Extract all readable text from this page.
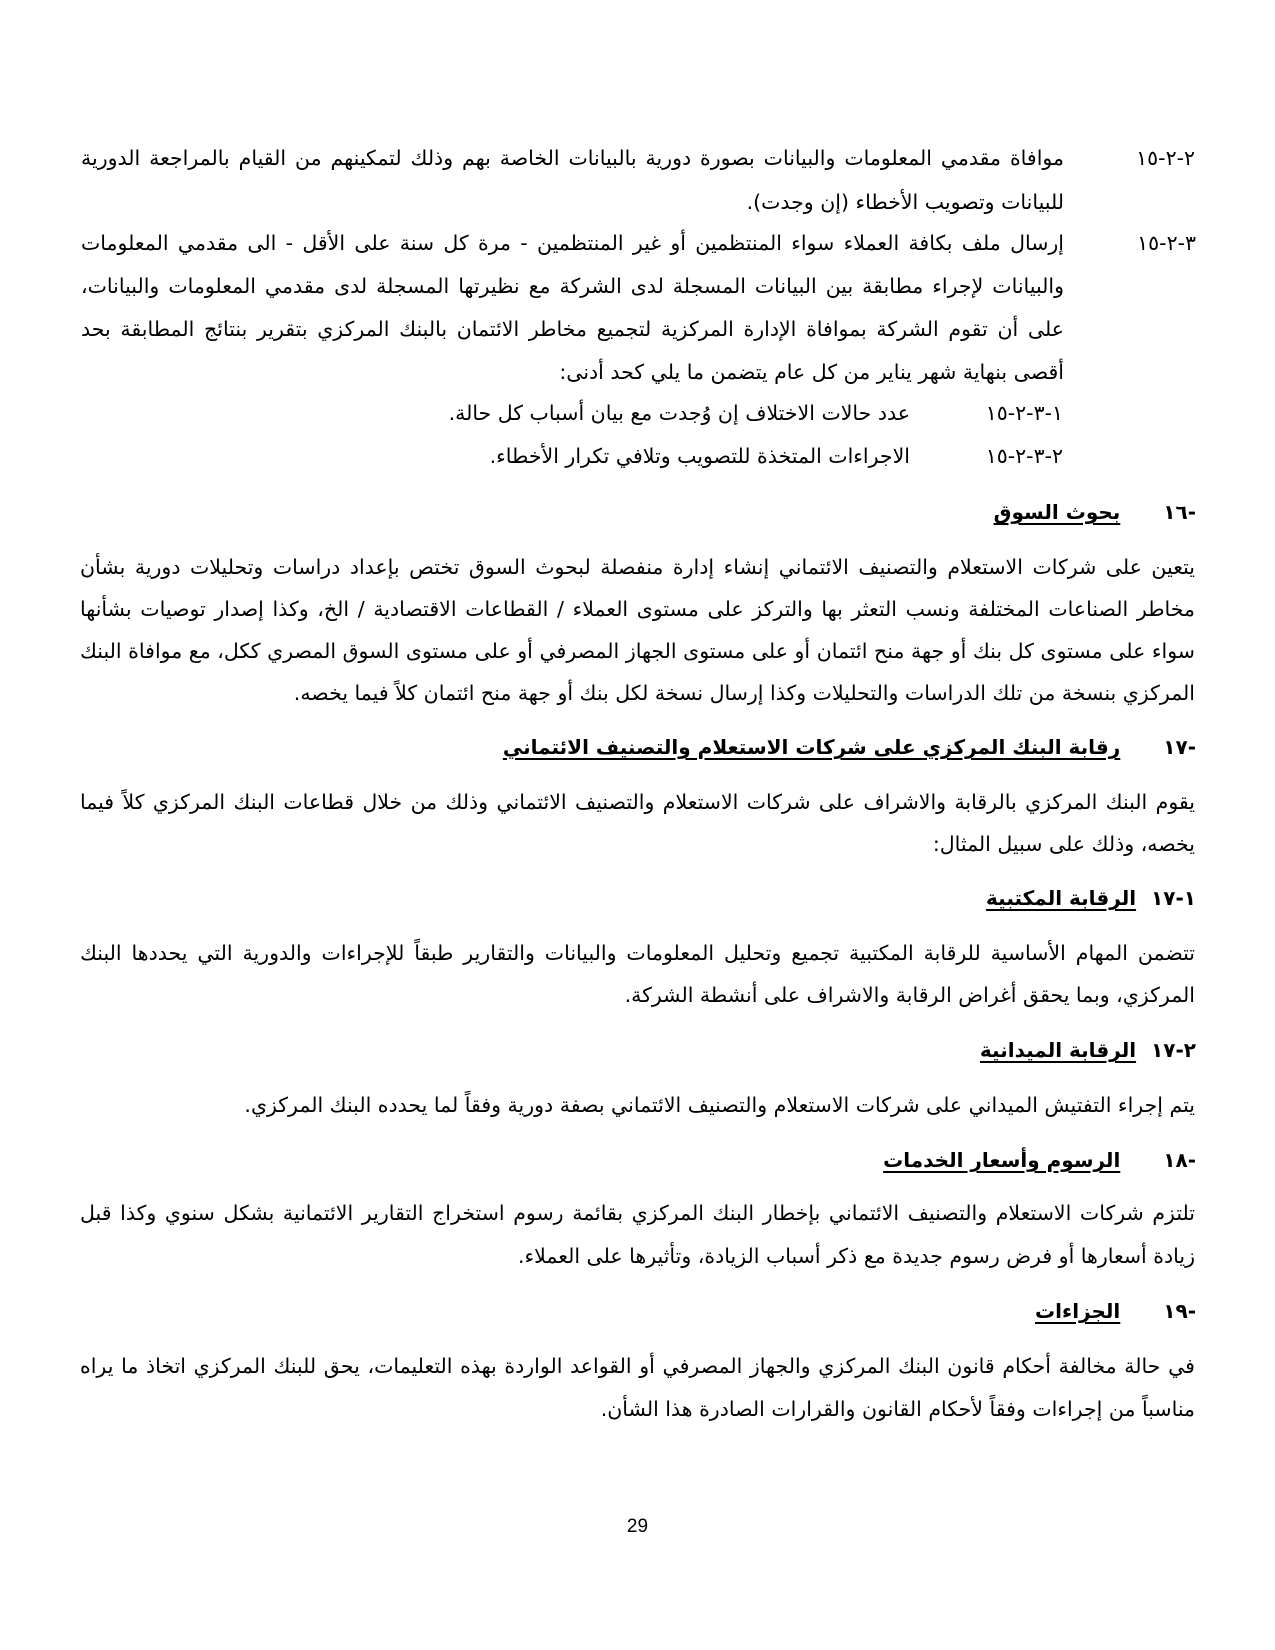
٢-٢-١٥
موافاة مقدمي المعلومات والبيانات بصورة دورية بالبيانات الخاصة بهم وذلك لتمكينهم من القيام بالمراجعة الدورية
للبيانات وتصويب الأخطاء (إن وجدت).
٣-٢-١٥
إرسال ملف بكافة العملاء سواء المنتظمين أو غير المنتظمين - مرة كل سنة على الأقل - الى مقدمي المعلومات
والبيانات لإجراء مطابقة بين البيانات المسجلة لدى الشركة مع نظيرتها المسجلة لدى مقدمي المعلومات والبيانات،
على أن تقوم الشركة بموافاة الإدارة المركزية لتجميع مخاطر الائتمان بالبنك المركزي بتقرير بنتائج المطابقة بحد
أقصى بنهاية شهر يناير من كل عام يتضمن ما يلي كحد أدنى:
١-٣-٢-١٥
عدد حالات الاختلاف إن وُجدت مع بيان أسباب كل حالة.
٢-٣-٢-١٥
الاجراءات المتخذة للتصويب وتلافي تكرار الأخطاء.
-١٦ بحوث السوق
يتعين على شركات الاستعلام والتصنيف الائتماني إنشاء إدارة منفصلة لبحوث السوق تختص بإعداد دراسات وتحليلات دورية بشأن
مخاطر الصناعات المختلفة ونسب التعثر بها والتركز على مستوى العملاء / القطاعات الاقتصادية / الخ، وكذا إصدار توصيات بشأنها
سواء على مستوى كل بنك أو جهة منح ائتمان أو على مستوى الجهاز المصرفي أو على مستوى السوق المصري ككل، مع موافاة البنك
المركزي بنسخة من تلك الدراسات والتحليلات وكذا إرسال نسخة لكل بنك أو جهة منح ائتمان كلاً فيما يخصه.
-١٧ رقابة البنك المركزي على شركات الاستعلام والتصنيف الائتماني
يقوم البنك المركزي بالرقابة والاشراف على شركات الاستعلام والتصنيف الائتماني وذلك من خلال قطاعات البنك المركزي كلاً فيما
يخصه، وذلك على سبيل المثال:
١-١٧ الرقابة المكتبية
تتضمن المهام الأساسية للرقابة المكتبية تجميع وتحليل المعلومات والبيانات والتقارير طبقاً للإجراءات والدورية التي يحددها البنك
المركزي، وبما يحقق أغراض الرقابة والاشراف على أنشطة الشركة.
٢-١٧ الرقابة الميدانية
يتم إجراء التفتيش الميداني على شركات الاستعلام والتصنيف الائتماني بصفة دورية وفقاً لما يحدده البنك المركزي.
-١٨ الرسوم وأسعار الخدمات
تلتزم شركات الاستعلام والتصنيف الائتماني بإخطار البنك المركزي بقائمة رسوم استخراج التقارير الائتمانية بشكل سنوي وكذا قبل
زيادة أسعارها أو فرض رسوم جديدة مع ذكر أسباب الزيادة، وتأثيرها على العملاء.
-١٩ الجزاءات
في حالة مخالفة أحكام قانون البنك المركزي والجهاز المصرفي أو القواعد الواردة بهذه التعليمات، يحق للبنك المركزي اتخاذ ما يراه
مناسباً من إجراءات وفقاً لأحكام القانون والقرارات الصادرة هذا الشأن.
29
